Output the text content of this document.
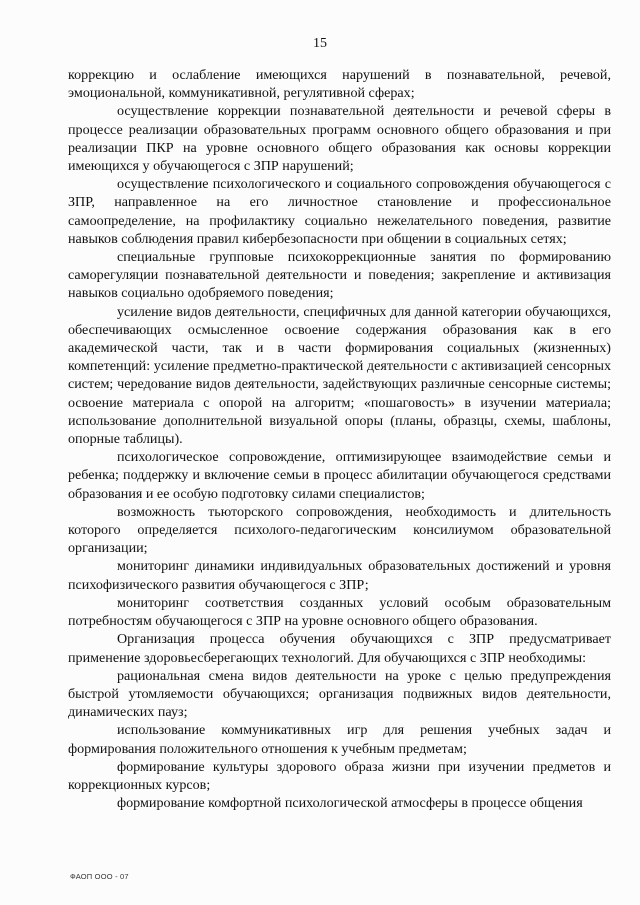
15

коррекцию и ослабление имеющихся нарушений в познавательной, речевой, эмоциональной, коммуникативной, регулятивной сферах;

осуществление коррекции познавательной деятельности и речевой сферы в процессе реализации образовательных программ основного общего образования и при реализации ПКР на уровне основного общего образования как основы коррекции имеющихся у обучающегося с ЗПР нарушений;

осуществление психологического и социального сопровождения обучающегося с ЗПР, направленное на его личностное становление и профессиональное самоопределение, на профилактику социально нежелательного поведения, развитие навыков соблюдения правил кибербезопасности при общении в социальных сетях;

специальные групповые психокоррекционные занятия по формированию саморегуляции познавательной деятельности и поведения; закрепление и активизация навыков социально одобряемого поведения;

усиление видов деятельности, специфичных для данной категории обучающихся, обеспечивающих осмысленное освоение содержания образования как в его академической части, так и в части формирования социальных (жизненных) компетенций: усиление предметно-практической деятельности с активизацией сенсорных систем; чередование видов деятельности, задействующих различные сенсорные системы; освоение материала с опорой на алгоритм; «пошаговость» в изучении материала; использование дополнительной визуальной опоры (планы, образцы, схемы, шаблоны, опорные таблицы).

психологическое сопровождение, оптимизирующее взаимодействие семьи и ребенка; поддержку и включение семьи в процесс абилитации обучающегося средствами образования и ее особую подготовку силами специалистов;

возможность тьюторского сопровождения, необходимость и длительность которого определяется психолого-педагогическим консилиумом образовательной организации;

мониторинг динамики индивидуальных образовательных достижений и уровня психофизического развития обучающегося с ЗПР;

мониторинг соответствия созданных условий особым образовательным потребностям обучающегося с ЗПР на уровне основного общего образования.

Организация процесса обучения обучающихся с ЗПР предусматривает применение здоровьесберегающих технологий. Для обучающихся с ЗПР необходимы:

рациональная смена видов деятельности на уроке с целью предупреждения быстрой утомляемости обучающихся; организация подвижных видов деятельности, динамических пауз;

использование коммуникативных игр для решения учебных задач и формирования положительного отношения к учебным предметам;

формирование культуры здорового образа жизни при изучении предметов и коррекционных курсов;

формирование комфортной психологической атмосферы в процессе общения

ФАОП ООО - 07
